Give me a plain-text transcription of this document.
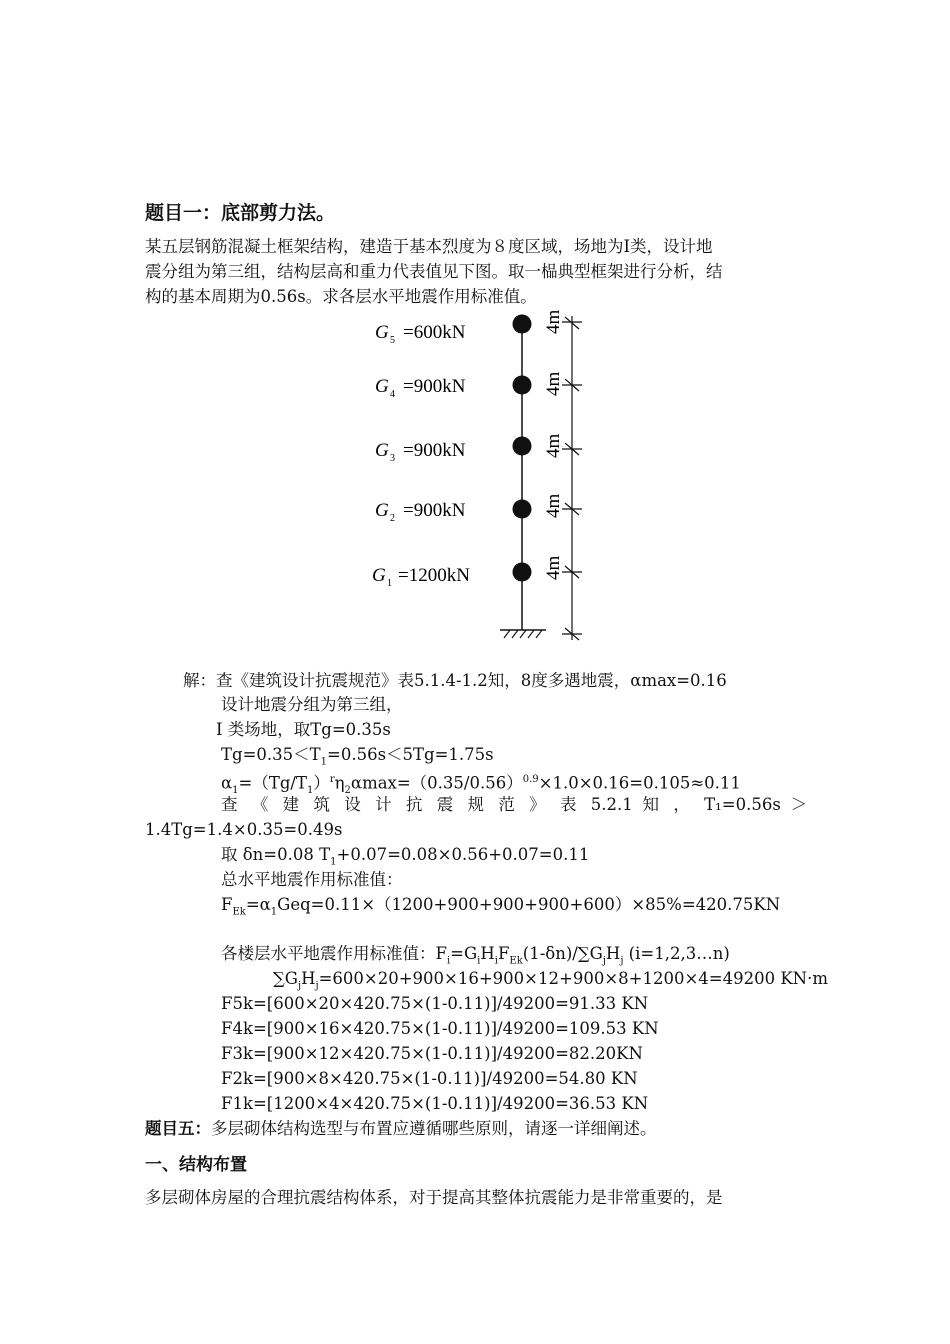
题目一：底部剪力法。
某五层钢筋混凝土框架结构，建造于基本烈度为８度区域，场地为Ⅰ类，设计地
震分组为第三组，结构层高和重力代表值见下图。取一榀典型框架进行分析，结
构的基本周期为0.56s。求各层水平地震作用标准值。
G 5 =600kN	4m
G 4 =900kN	4m
G 3 =900kN	4m
G 2 =900kN	4m
G 1 =1200kN	4m
解：查《建筑设计抗震规范》表5.1.4-1.2知，8度多遇地震，αmax=0.16
设计地震分组为第三组，
Ⅰ 类场地，取Tg=0.35s
$Tg=0.35<T_1=0.56s<5Tg=1.75s$
$\alpha_1=(Tg/T_1)^r\eta_2\alpha\max=(0.35/0.56)^{0.9}\times 1.0\times 0.16=0.105\approx 0.11$
查 《 建 筑 设 计 抗 震 规 范 》 表 5.2.1 知 ， T₁=0.56s ＞
1.4Tg=1.4×0.35=0.49s
取 δn=0.08 $T_1+0.07=0.08\times 0.56+0.07=0.11$
总水平地震作用标准值：
$F_{Ek}=\alpha_1Geq=0.11\times(1200+900+900+900+600)\times 85\%=420.75KN$
各楼层水平地震作用标准值：$F_i=G_iH_iF_{Ek}(1-\delta n)/\sum G_jH_j$ (i=1,2,3…n)
$\sum G_jH_j=600\times 20+900\times 16+900\times 12+900\times 8+1200\times 4=49200$ KN·m
F5k=[600×20×420.75×(1-0.11)]/49200=91.33 KN
F4k=[900×16×420.75×(1-0.11)]/49200=109.53 KN
F3k=[900×12×420.75×(1-0.11)]/49200=82.20KN
F2k=[900×8×420.75×(1-0.11)]/49200=54.80 KN
F1k=[1200×4×420.75×(1-0.11)]/49200=36.53 KN
题目五：多层砌体结构选型与布置应遵循哪些原则，请逐一详细阐述。
一、结构布置
多层砌体房屋的合理抗震结构体系，对于提高其整体抗震能力是非常重要的，是
